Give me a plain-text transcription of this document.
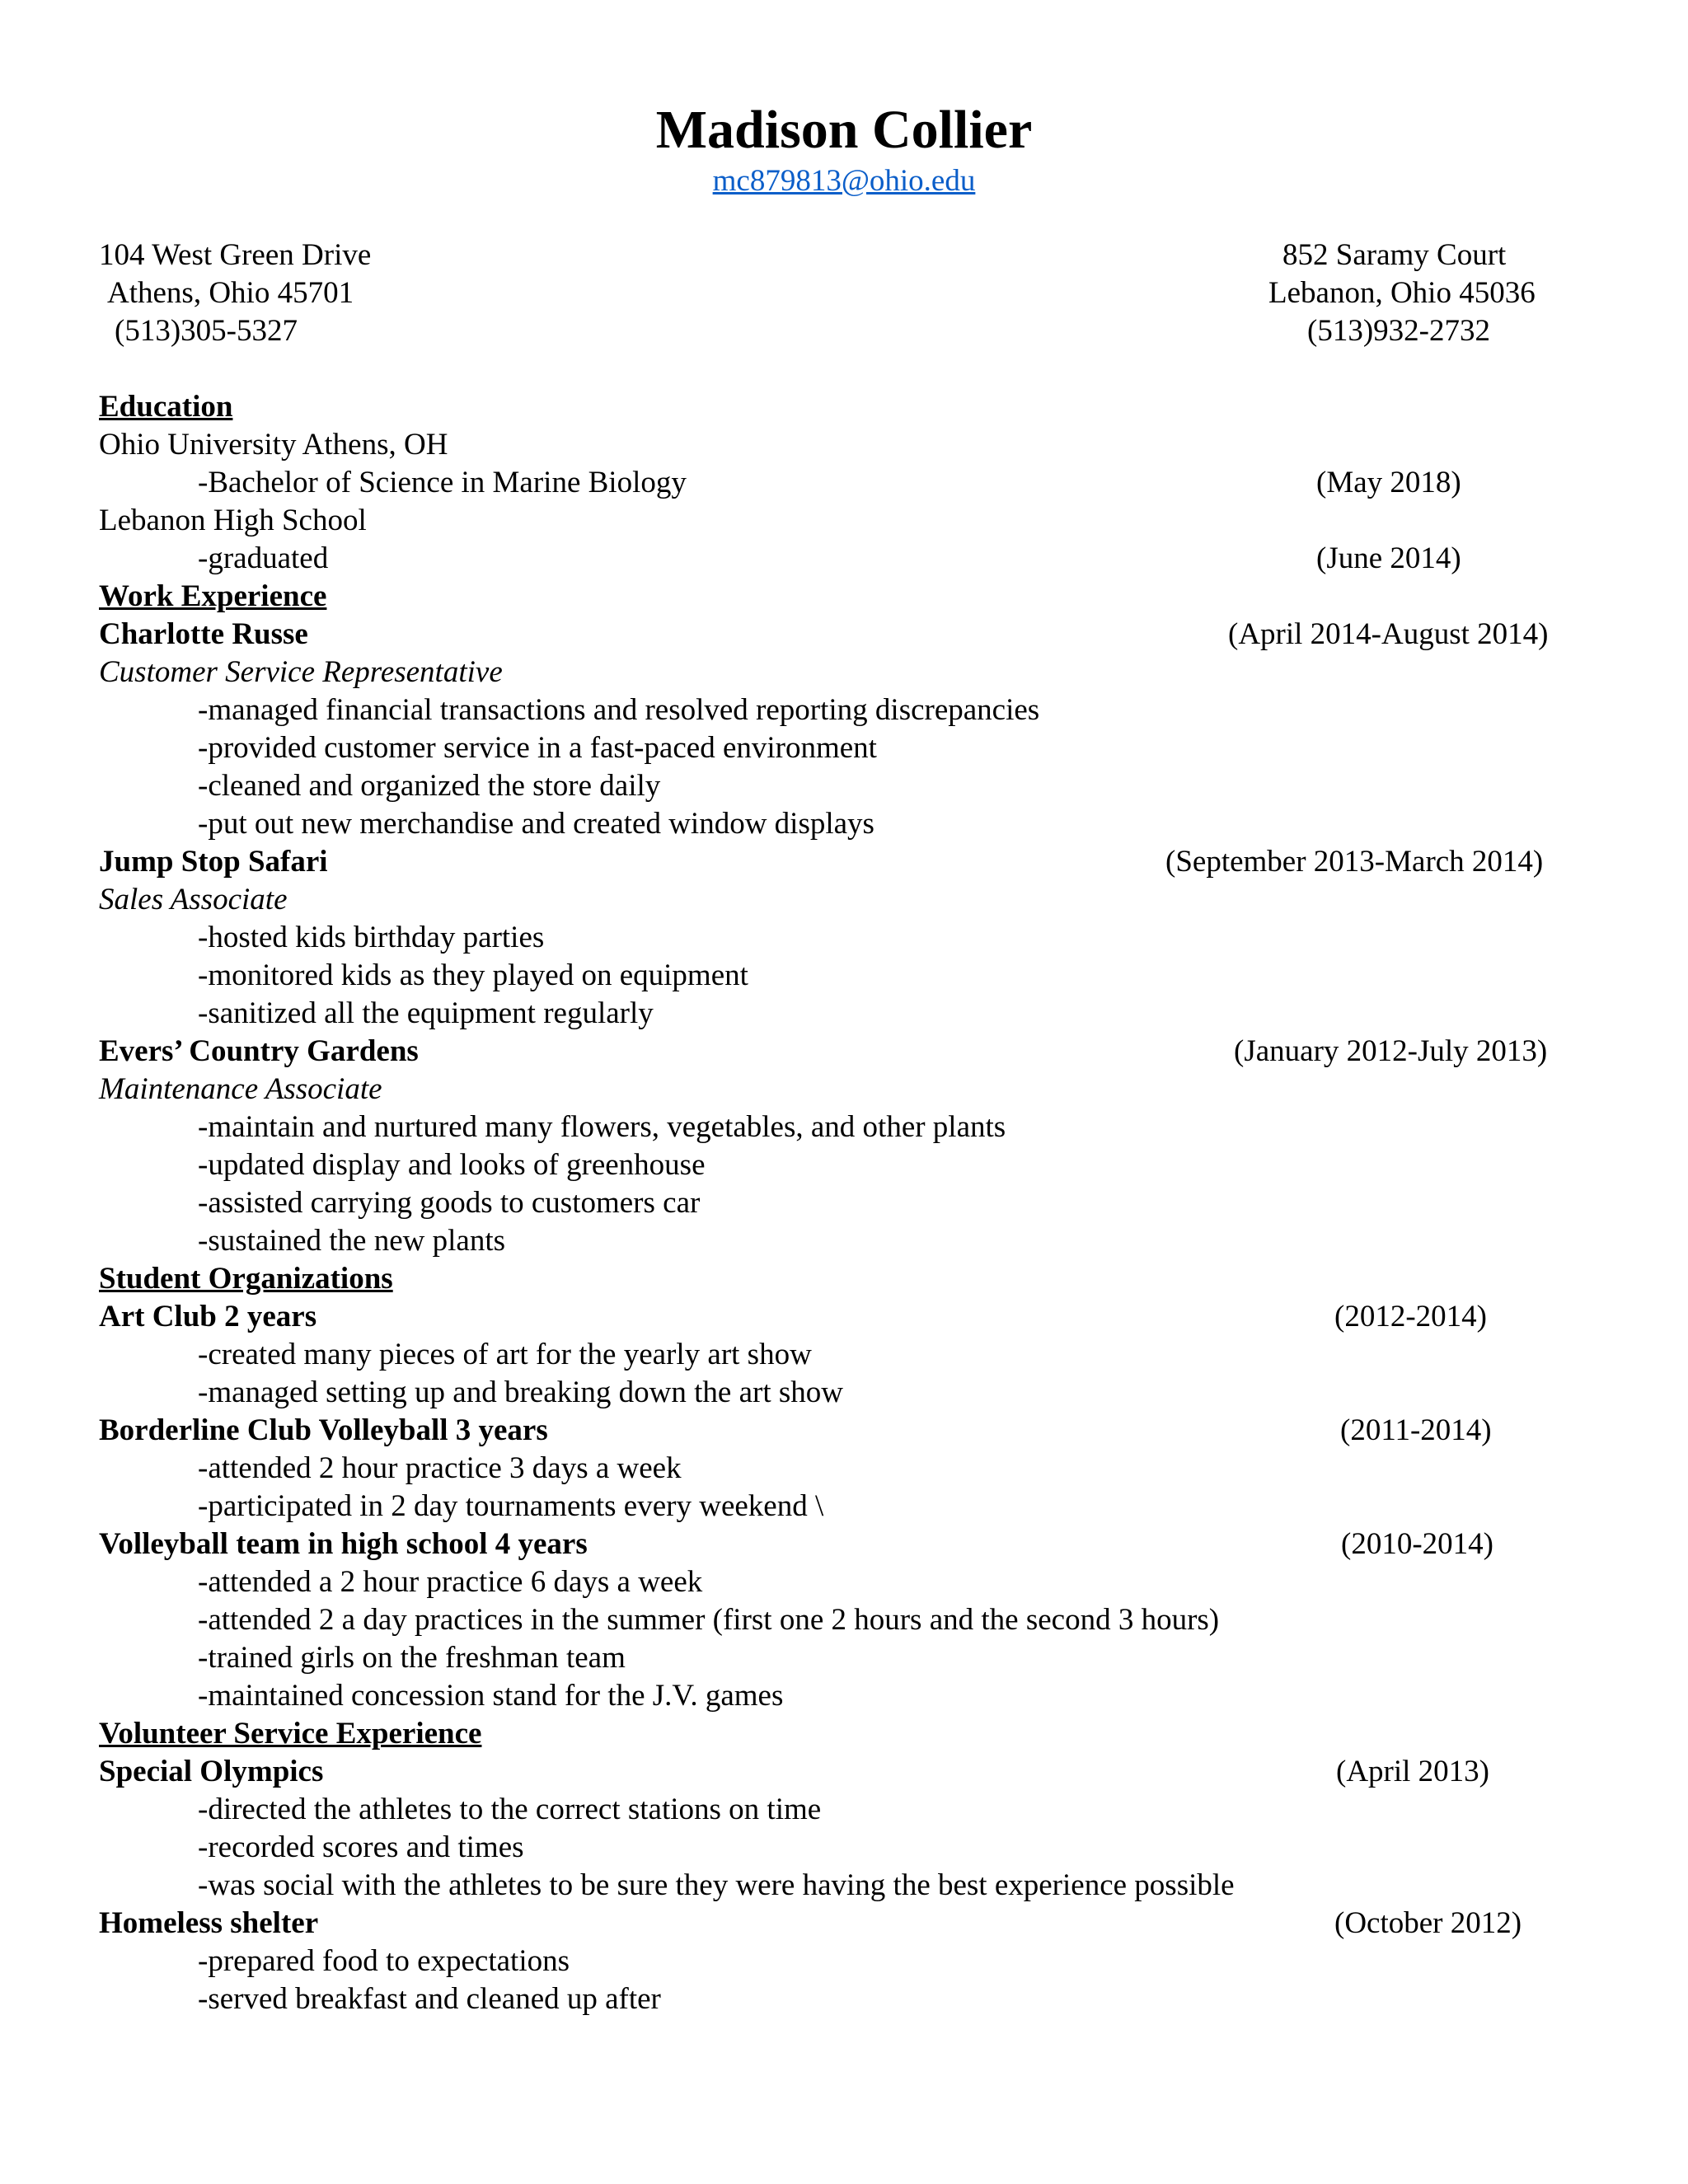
Madison Collier
mc879813@ohio.edu
104 West Green Drive
Athens, Ohio 45701
(513)305-5327
852 Saramy Court
Lebanon, Ohio 45036
(513)932-2732
Education
Ohio University Athens, OH
-Bachelor of Science in Marine Biology	(May 2018)
Lebanon High School
-graduated	(June 2014)
Work Experience
Charlotte Russe	(April 2014-August 2014)
Customer Service Representative
-managed financial transactions and resolved reporting discrepancies
-provided customer service in a fast-paced environment
-cleaned and organized the store daily
-put out new merchandise and created window displays
Jump Stop Safari	(September 2013-March 2014)
Sales Associate
-hosted kids birthday parties
-monitored kids as they played on equipment
-sanitized all the equipment regularly
Evers’ Country Gardens	(January 2012-July 2013)
Maintenance Associate
-maintain and nurtured many flowers, vegetables, and other plants
-updated display and looks of greenhouse
-assisted carrying goods to customers car
-sustained the new plants
Student Organizations
Art Club 2 years	(2012-2014)
-created many pieces of art for the yearly art show
-managed setting up and breaking down the art show
Borderline Club Volleyball 3 years	(2011-2014)
-attended 2 hour practice 3 days a week
-participated in 2 day tournaments every weekend \
Volleyball team in high school 4 years	(2010-2014)
-attended a 2 hour practice 6 days a week
-attended 2 a day practices in the summer (first one 2 hours and the second 3 hours)
-trained girls on the freshman team
-maintained concession stand for the J.V. games
Volunteer Service Experience
Special Olympics	(April 2013)
-directed the athletes to the correct stations on time
-recorded scores and times
-was social with the athletes to be sure they were having the best experience possible
Homeless shelter	(October 2012)
-prepared food to expectations
-served breakfast and cleaned up after
